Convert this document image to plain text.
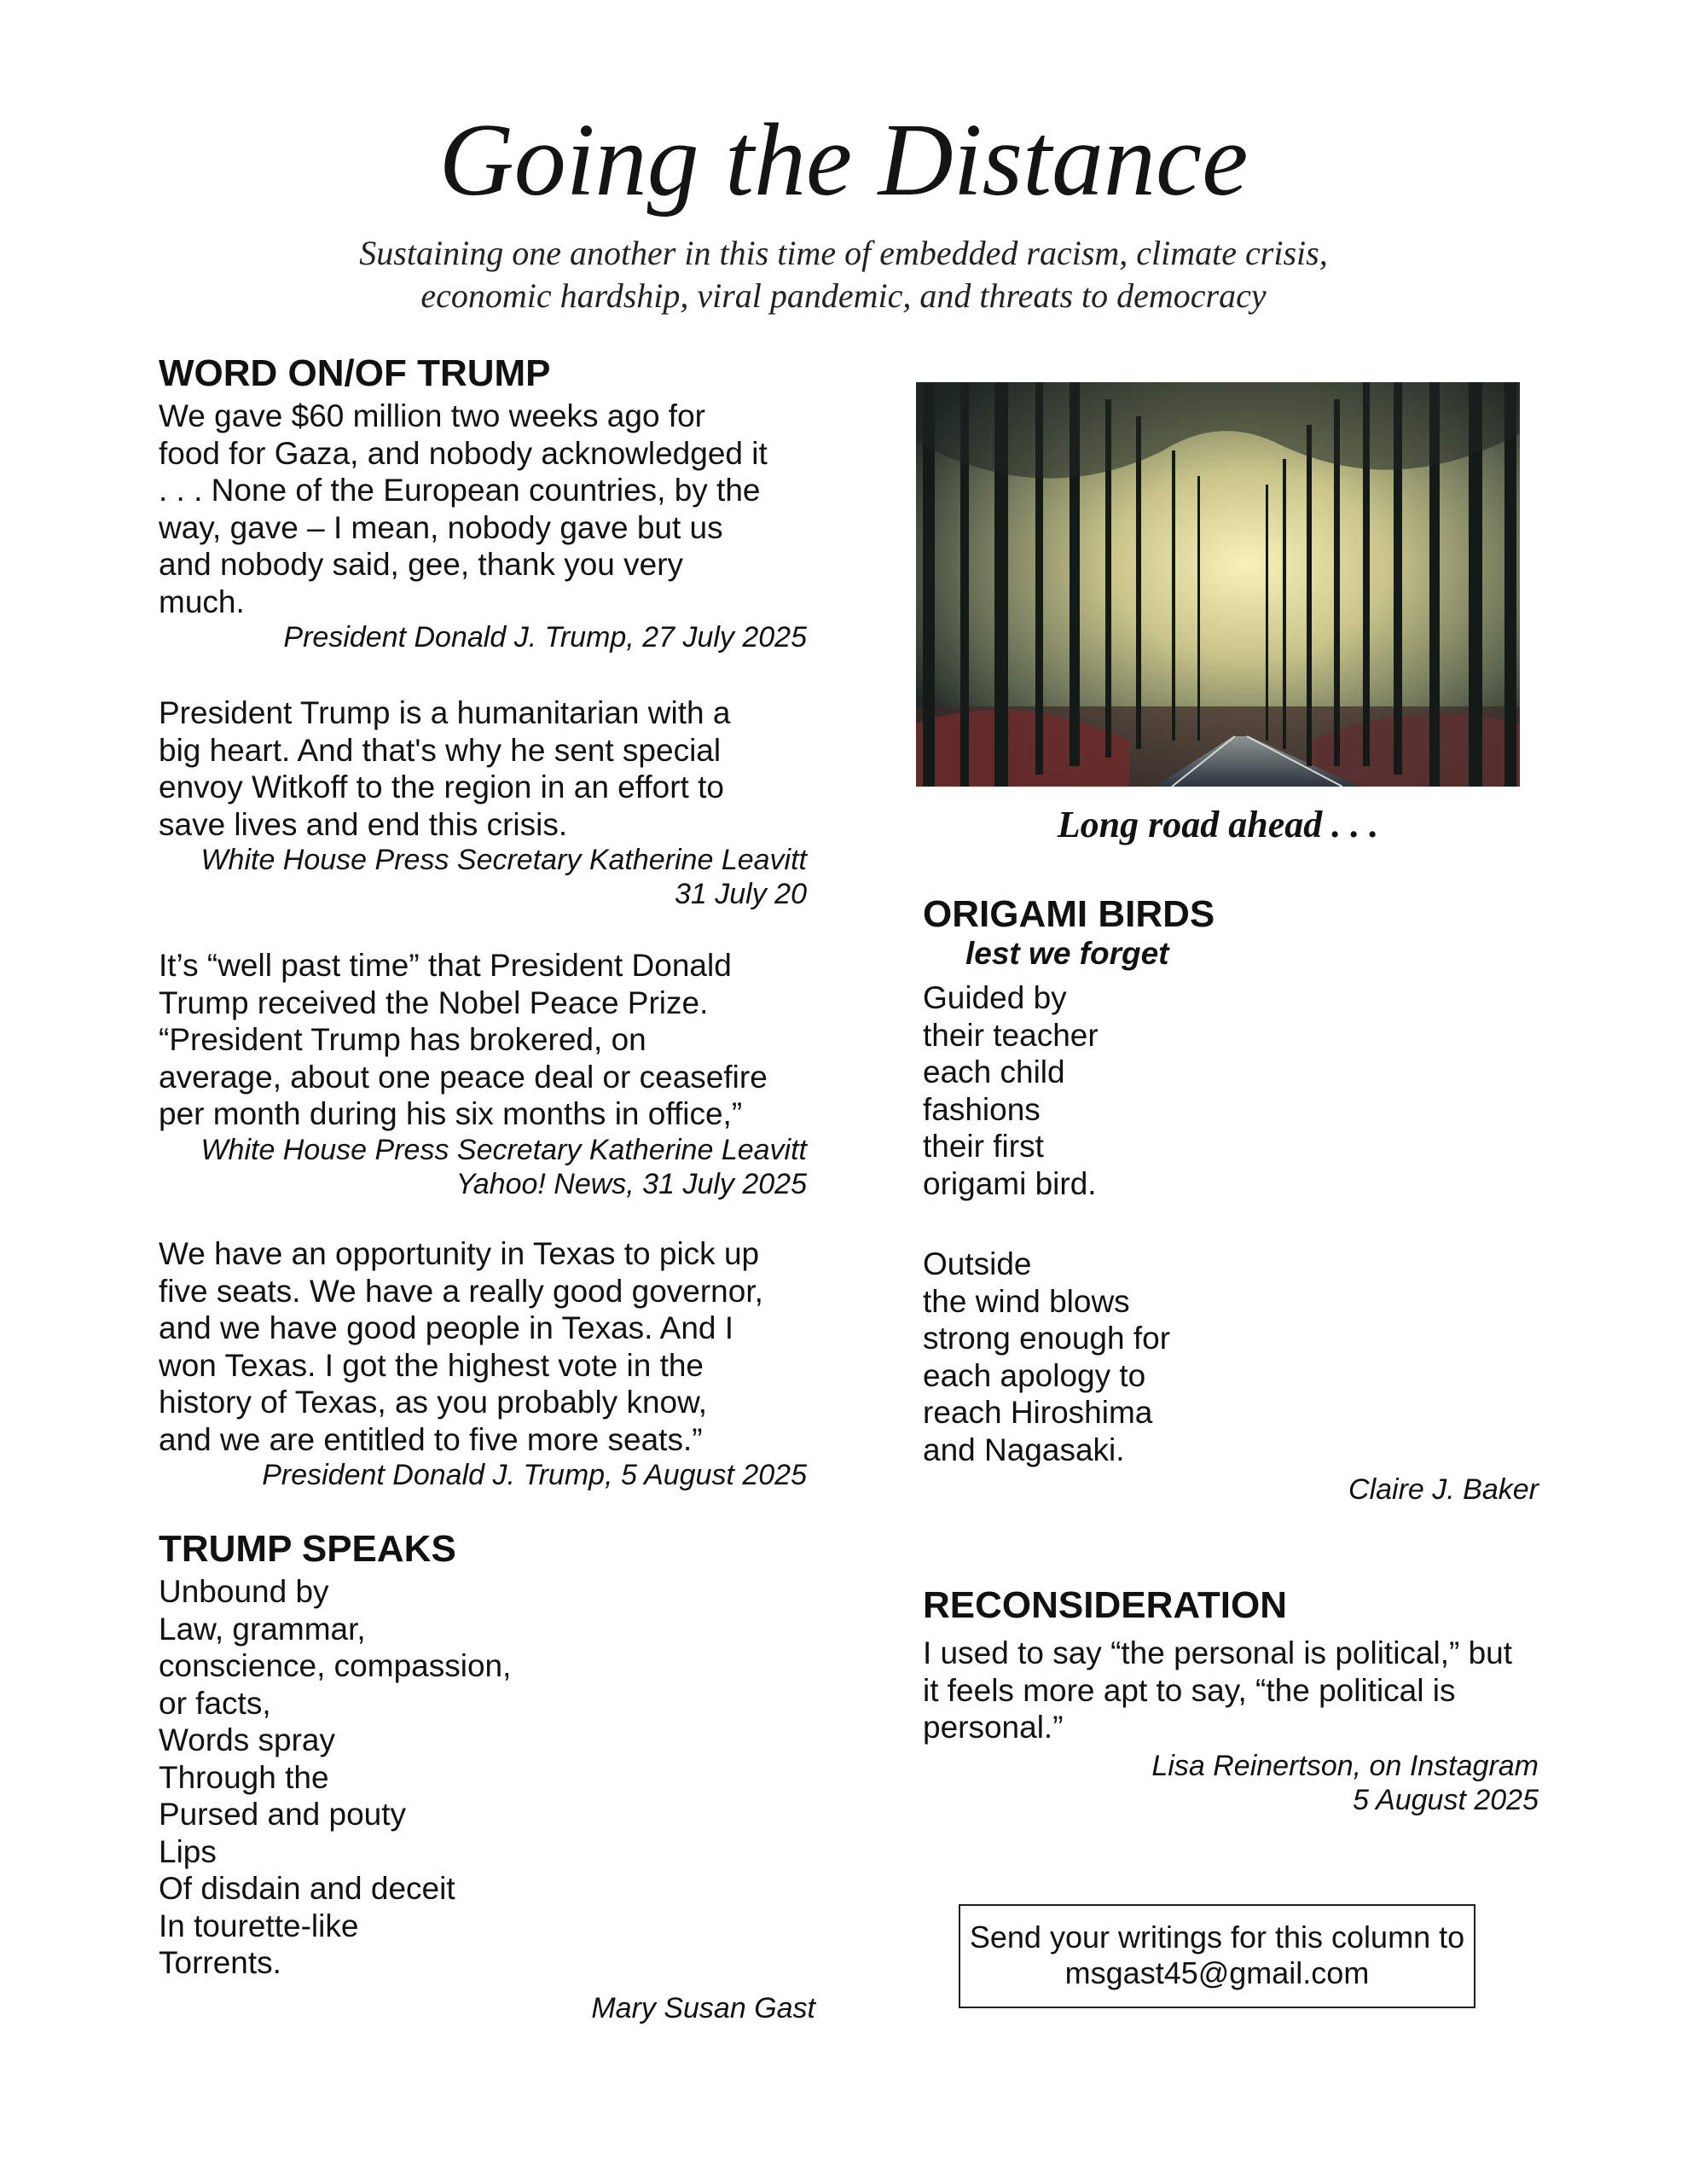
Going the Distance
Sustaining one another in this time of embedded racism, climate crisis,
economic hardship, viral pandemic, and threats to democracy
WORD ON/OF TRUMP
We gave $60 million two weeks ago for
food for Gaza, and nobody acknowledged it
. . . None of the European countries, by the
way, gave – I mean, nobody gave but us
and nobody said, gee, thank you very
much.
President Donald J. Trump, 27 July 2025
President Trump is a humanitarian with a
big heart. And that's why he sent special
envoy Witkoff to the region in an effort to
save lives and end this crisis.
White House Press Secretary Katherine Leavitt
31 July 20
It’s “well past time” that President Donald
Trump received the Nobel Peace Prize.
“President Trump has brokered, on
average, about one peace deal or ceasefire
per month during his six months in office,”
White House Press Secretary Katherine Leavitt
Yahoo! News, 31 July 2025
We have an opportunity in Texas to pick up
five seats. We have a really good governor,
and we have good people in Texas. And I
won Texas. I got the highest vote in the
history of Texas, as you probably know,
and we are entitled to five more seats.”
President Donald J. Trump, 5 August 2025
TRUMP SPEAKS
Unbound by
Law, grammar,
conscience, compassion,
or facts,
Words spray
Through the
Pursed and pouty
Lips
Of disdain and deceit
In tourette-like
Torrents.
Mary Susan Gast
Long road ahead . . .
ORIGAMI BIRDS
lest we forget
Guided by
their teacher
each child
fashions
their first
origami bird.
Outside
the wind blows
strong enough for
each apology to
reach Hiroshima
and Nagasaki.
Claire J. Baker
RECONSIDERATION
I used to say “the personal is political,” but
it feels more apt to say, “the political is
personal.”
Lisa Reinertson, on Instagram
5 August 2025
Send your writings for this column to
msgast45@gmail.com
